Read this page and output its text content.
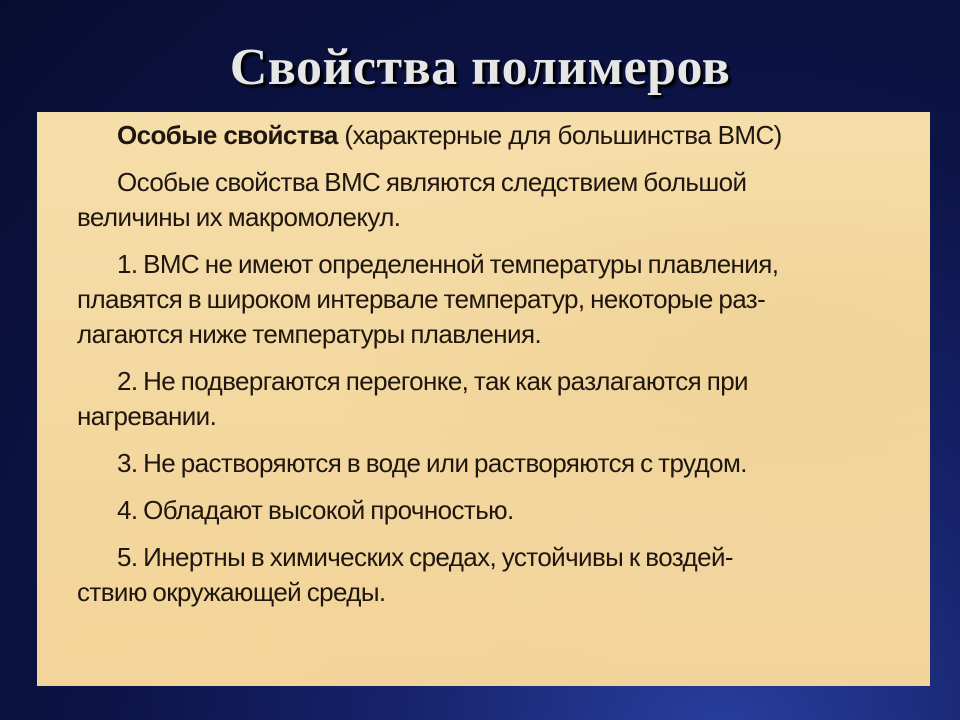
Свойства полимеров
Особые свойства (характерные для большинства ВМС)
Особые свойства ВМС являются следствием большой
величины их макромолекул.
1. ВМС не имеют определенной температуры плавления,
плавятся в широком интервале температур, некоторые раз-
лагаются ниже температуры плавления.
2. Не подвергаются перегонке, так как разлагаются при
нагревании.
3. Не растворяются в воде или растворяются с трудом.
4. Обладают высокой прочностью.
5. Инертны в химических средах, устойчивы к воздей-
ствию окружающей среды.
